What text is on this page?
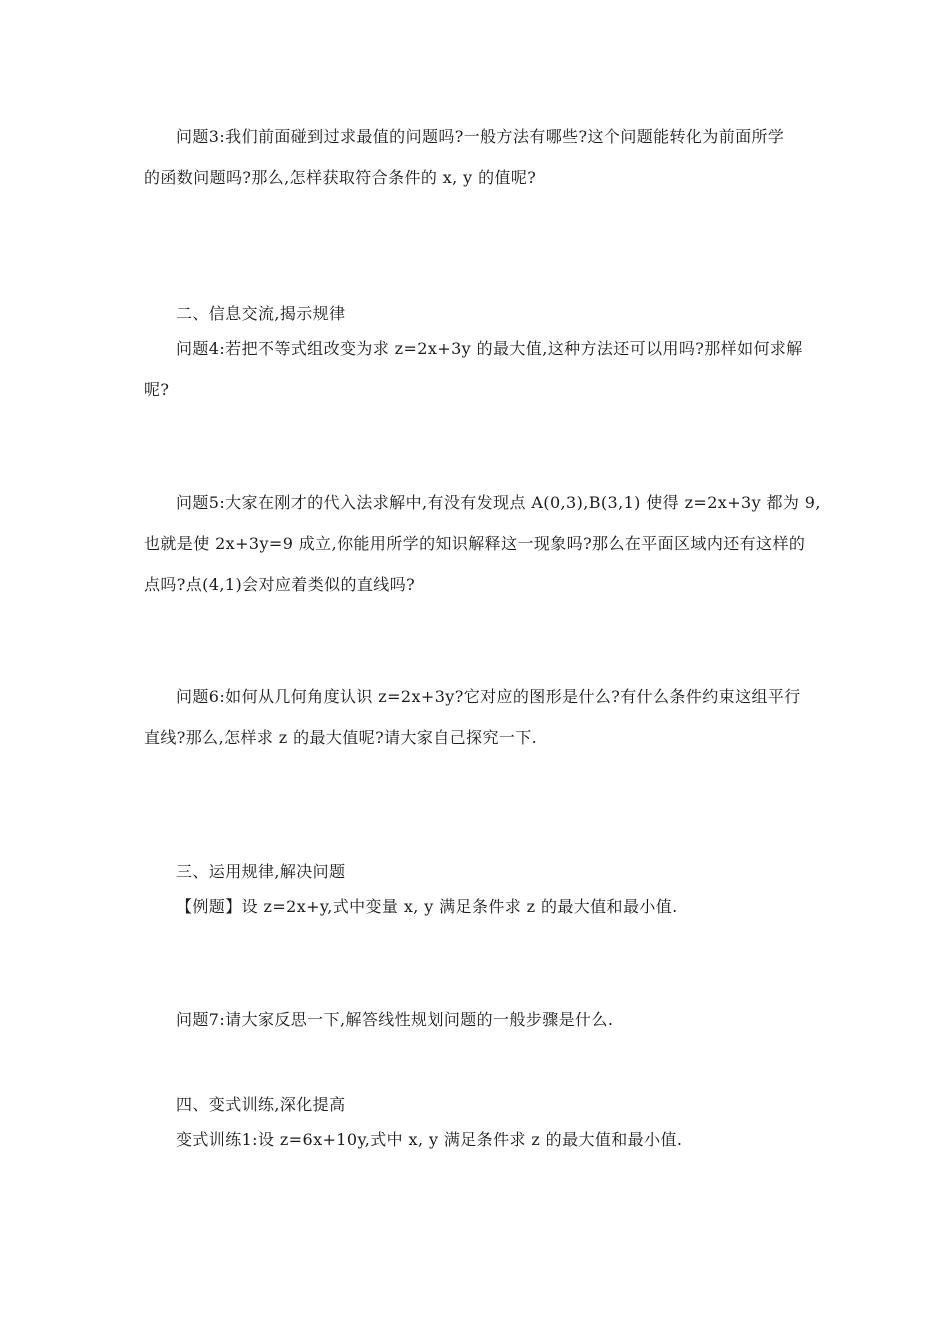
问题3:我们前面碰到过求最值的问题吗?一般方法有哪些?这个问题能转化为前面所学
的函数问题吗?那么,怎样获取符合条件的 x, y 的值呢?
二、信息交流,揭示规律
问题4:若把不等式组改变为求 z=2x+3y 的最大值,这种方法还可以用吗?那样如何求解
呢?
问题5:大家在刚才的代入法求解中,有没有发现点 A(0,3),B(3,1) 使得 z=2x+3y 都为 9,
也就是使 2x+3y=9 成立,你能用所学的知识解释这一现象吗?那么在平面区域内还有这样的
点吗?点(4,1)会对应着类似的直线吗?
问题6:如何从几何角度认识 z=2x+3y?它对应的图形是什么?有什么条件约束这组平行
直线?那么,怎样求 z 的最大值呢?请大家自己探究一下.
三、运用规律,解决问题
【例题】设 z=2x+y,式中变量 x, y 满足条件求 z 的最大值和最小值.
问题7:请大家反思一下,解答线性规划问题的一般步骤是什么.
四、变式训练,深化提高
变式训练1:设 z=6x+10y,式中 x, y 满足条件求 z 的最大值和最小值.
